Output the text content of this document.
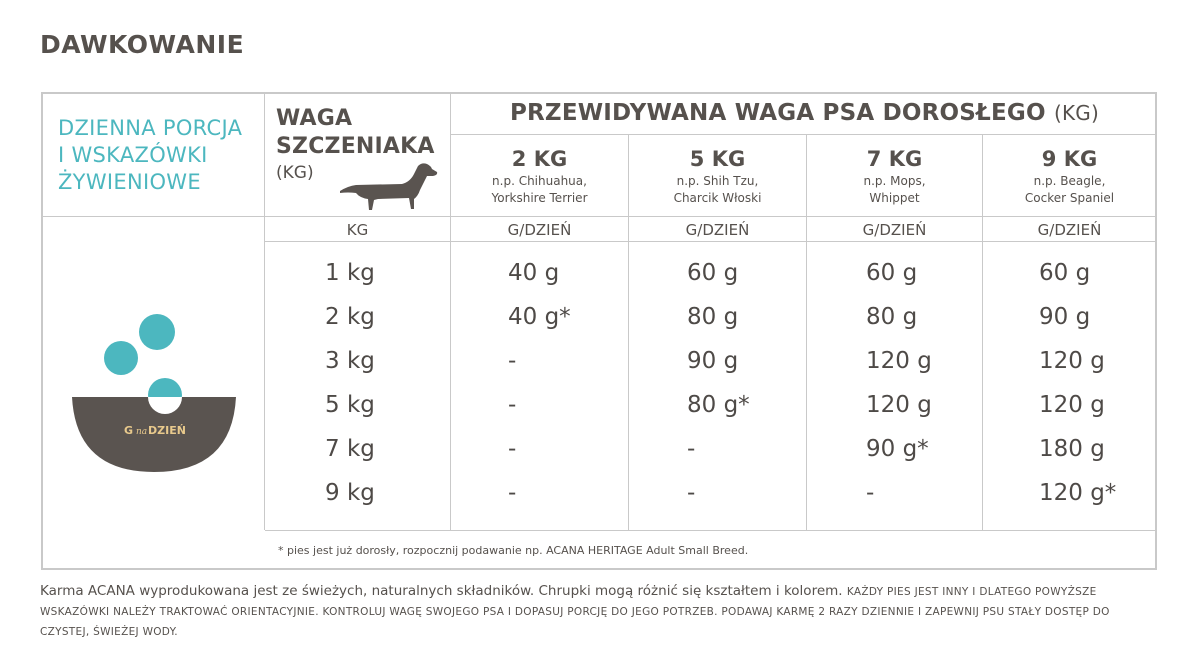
DAWKOWANIE
DZIENNA PORCJA
I WSKAZÓWKI
ŻYWIENIOWE
WAGA
SZCZENIAKA
(KG)
PRZEWIDYWANA WAGA PSA DOROSŁEGO (KG)
2 KG
n.p. Chihuahua,
Yorkshire Terrier
5 KG
n.p. Shih Tzu,
Charcik Włoski
7 KG
n.p. Mops,
Whippet
9 KG
n.p. Beagle,
Cocker Spaniel
KG	G/DZIEŃ	G/DZIEŃ	G/DZIEŃ	G/DZIEŃ
1 kg	40 g	60 g	60 g	60 g
2 kg	40 g*	80 g	80 g	90 g
3 kg	-	90 g	120 g	120 g
5 kg	-	80 g*	120 g	120 g
7 kg	-	-	90 g*	180 g
9 kg	-	-	-	120 g*
G na DZIEŃ
* pies jest już dorosły, rozpocznij podawanie np. ACANA HERITAGE Adult Small Breed.
Karma ACANA wyprodukowana jest ze świeżych, naturalnych składników. Chrupki mogą różnić się kształtem i kolorem. KAŻDY PIES JEST INNY I DLATEGO POWYŻSZE WSKAZÓWKI NALEŻY TRAKTOWAĆ ORIENTACYJNIE. KONTROLUJ WAGĘ SWOJEGO PSA I DOPASUJ PORCJĘ DO JEGO POTRZEB. PODAWAJ KARMĘ 2 RAZY DZIENNIE I ZAPEWNIJ PSU STAŁY DOSTĘP DO CZYSTEJ, ŚWIEŻEJ WODY.
